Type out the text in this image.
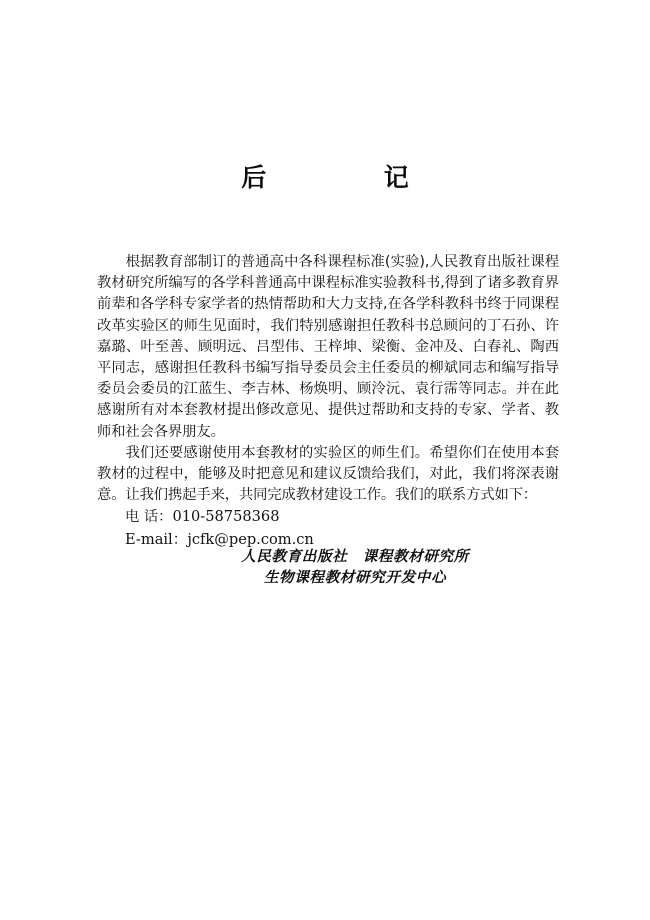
后　　记

根据教育部制订的普通高中各科课程标准(实验),人民教育出版社课程教材研究所编写的各学科普通高中课程标准实验教科书,得到了诸多教育界前辈和各学科专家学者的热情帮助和大力支持,在各学科教科书终于同课程改革实验区的师生见面时，我们特别感谢担任教科书总顾问的丁石孙、许嘉璐、叶至善、顾明远、吕型伟、王梓坤、梁衡、金冲及、白春礼、陶西平同志，感谢担任教科书编写指导委员会主任委员的柳斌同志和编写指导委员会委员的江蓝生、李吉林、杨焕明、顾泠沅、袁行霈等同志。并在此感谢所有对本套教材提出修改意见、提供过帮助和支持的专家、学者、教师和社会各界朋友。

我们还要感谢使用本套教材的实验区的师生们。希望你们在使用本套教材的过程中，能够及时把意见和建议反馈给我们，对此，我们将深表谢意。让我们携起手来，共同完成教材建设工作。我们的联系方式如下：

电 话：010-58758368

E-mail：jcfk@pep.com.cn

人民教育出版社　课程教材研究所
生物课程教材研究开发中心
